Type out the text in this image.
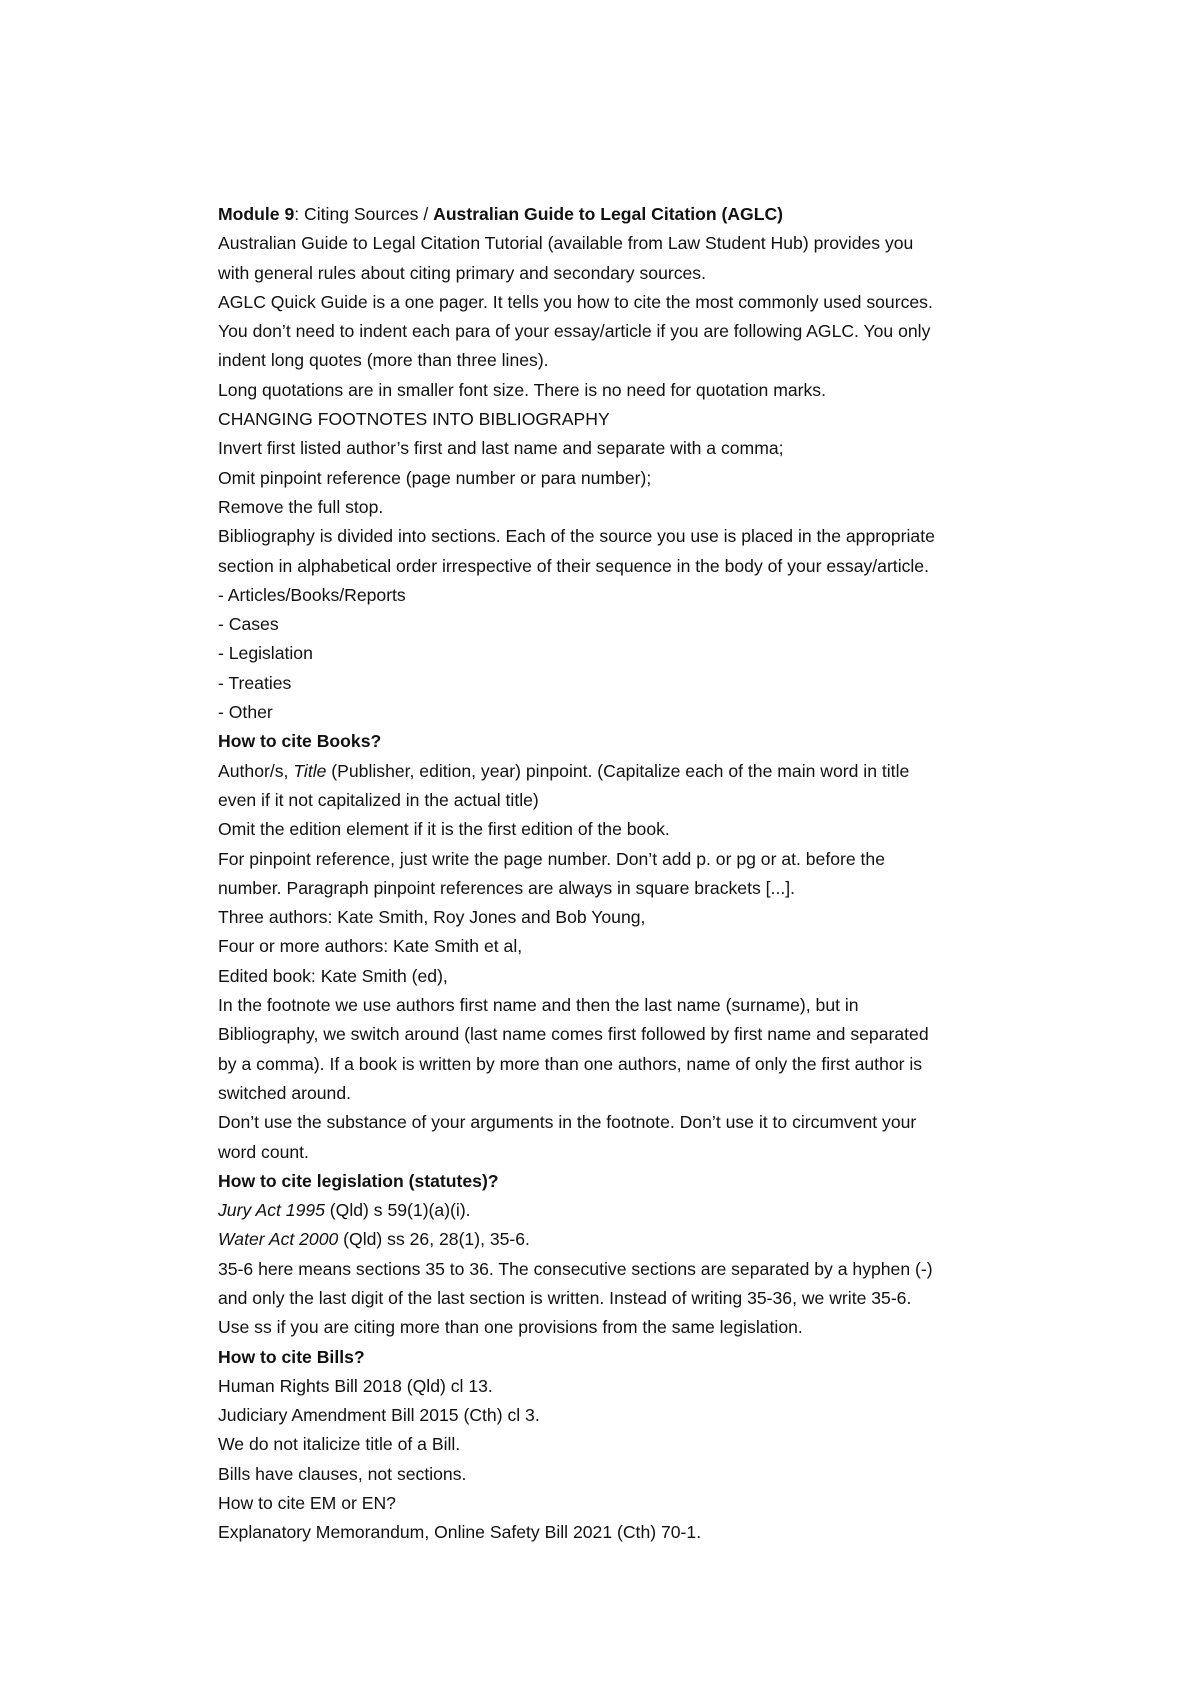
Module 9: Citing Sources / Australian Guide to Legal Citation (AGLC)
Australian Guide to Legal Citation Tutorial (available from Law Student Hub) provides you
with general rules about citing primary and secondary sources.
AGLC Quick Guide is a one pager. It tells you how to cite the most commonly used sources.
You don’t need to indent each para of your essay/article if you are following AGLC. You only
indent long quotes (more than three lines).
Long quotations are in smaller font size. There is no need for quotation marks.
CHANGING FOOTNOTES INTO BIBLIOGRAPHY
Invert first listed author’s first and last name and separate with a comma;
Omit pinpoint reference (page number or para number);
Remove the full stop.
Bibliography is divided into sections. Each of the source you use is placed in the appropriate
section in alphabetical order irrespective of their sequence in the body of your essay/article.
- Articles/Books/Reports
- Cases
- Legislation
- Treaties
- Other
How to cite Books?
Author/s, Title (Publisher, edition, year) pinpoint. (Capitalize each of the main word in title
even if it not capitalized in the actual title)
Omit the edition element if it is the first edition of the book.
For pinpoint reference, just write the page number. Don’t add p. or pg or at. before the
number. Paragraph pinpoint references are always in square brackets [...].
Three authors: Kate Smith, Roy Jones and Bob Young,
Four or more authors: Kate Smith et al,
Edited book: Kate Smith (ed),
In the footnote we use authors first name and then the last name (surname), but in
Bibliography, we switch around (last name comes first followed by first name and separated
by a comma). If a book is written by more than one authors, name of only the first author is
switched around.
Don’t use the substance of your arguments in the footnote. Don’t use it to circumvent your
word count.
How to cite legislation (statutes)?
Jury Act 1995 (Qld) s 59(1)(a)(i).
Water Act 2000 (Qld) ss 26, 28(1), 35-6.
35-6 here means sections 35 to 36. The consecutive sections are separated by a hyphen (-)
and only the last digit of the last section is written. Instead of writing 35-36, we write 35-6.
Use ss if you are citing more than one provisions from the same legislation.
How to cite Bills?
Human Rights Bill 2018 (Qld) cl 13.
Judiciary Amendment Bill 2015 (Cth) cl 3.
We do not italicize title of a Bill.
Bills have clauses, not sections.
How to cite EM or EN?
Explanatory Memorandum, Online Safety Bill 2021 (Cth) 70-1.
